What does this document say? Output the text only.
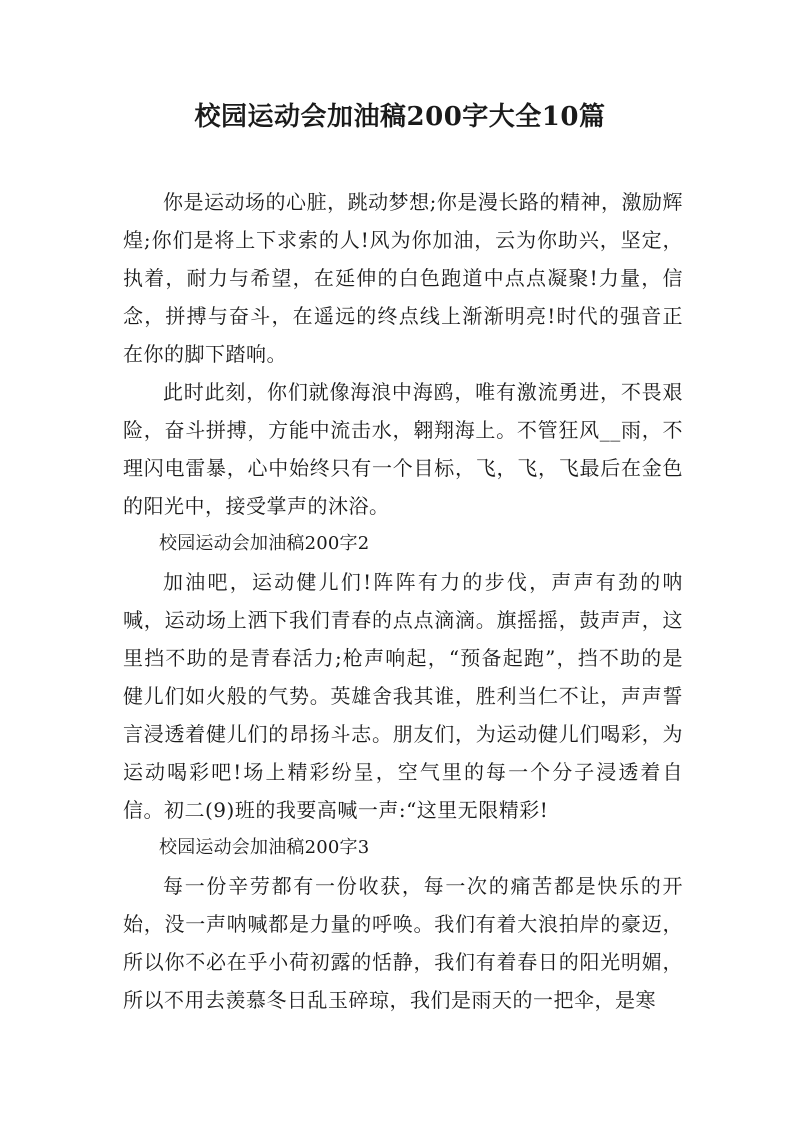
校园运动会加油稿200字大全10篇

你是运动场的心脏，跳动梦想;你是漫长路的精神，激励辉煌;你们是将上下求索的人!风为你加油，云为你助兴，坚定，执着，耐力与希望，在延伸的白色跑道中点点凝聚!力量，信念，拼搏与奋斗，在遥远的终点线上渐渐明亮!时代的强音正在你的脚下踏响。

此时此刻，你们就像海浪中海鸥，唯有激流勇进，不畏艰险，奋斗拼搏，方能中流击水，翱翔海上。不管狂风__雨，不理闪电雷暴，心中始终只有一个目标，飞，飞，飞最后在金色的阳光中，接受掌声的沐浴。

校园运动会加油稿200字2

加油吧，运动健儿们!阵阵有力的步伐，声声有劲的呐喊，运动场上洒下我们青春的点点滴滴。旗摇摇，鼓声声，这里挡不助的是青春活力;枪声响起，“预备起跑”，挡不助的是健儿们如火般的气势。英雄舍我其谁，胜利当仁不让，声声誓言浸透着健儿们的昂扬斗志。朋友们，为运动健儿们喝彩，为运动喝彩吧!场上精彩纷呈，空气里的每一个分子浸透着自信。初二(9)班的我要高喊一声:“这里无限精彩!

校园运动会加油稿200字3

每一份辛劳都有一份收获，每一次的痛苦都是快乐的开始，没一声呐喊都是力量的呼唤。我们有着大浪拍岸的豪迈，所以你不必在乎小荷初露的恬静，我们有着春日的阳光明媚，所以不用去羡慕冬日乱玉碎琼，我们是雨天的一把伞，是寒
